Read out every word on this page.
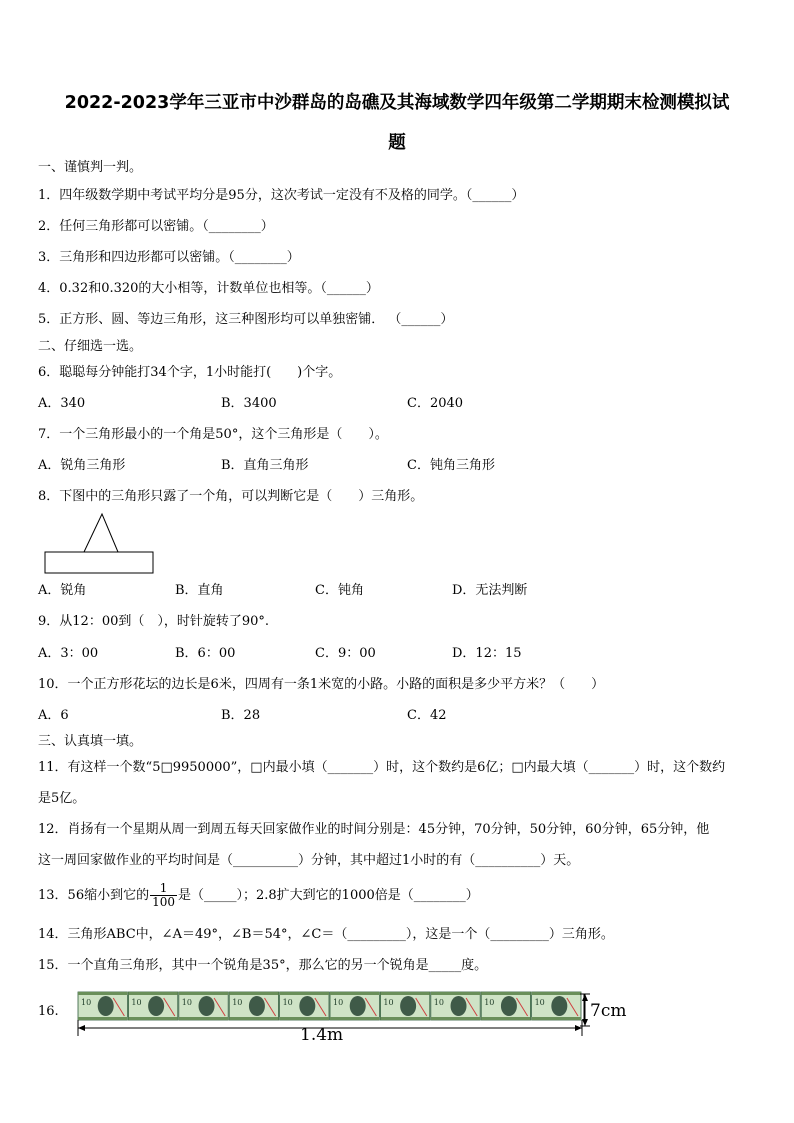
2022-2023学年三亚市中沙群岛的岛礁及其海域数学四年级第二学期期末检测模拟试
题
一、谨慎判一判。
1．四年级数学期中考试平均分是95分，这次考试一定没有不及格的同学。（______）
2．任何三角形都可以密铺。（________）
3．三角形和四边形都可以密铺。（________）
4．0.32和0.320的大小相等，计数单位也相等。（______）
5．正方形、圆、等边三角形，这三种图形均可以单独密铺． （______）
二、仔细选一选。
6．聪聪每分钟能打34个字，1小时能打(　　)个字。
A．340	B．3400	C．2040
7．一个三角形最小的一个角是50°，这个三角形是（　　）。
A．锐角三角形	B．直角三角形	C．钝角三角形
8．下图中的三角形只露了一个角，可以判断它是（　　）三角形。
A．锐角	B．直角	C．钝角	D．无法判断
9．从12：00到（　），时针旋转了90°.
A．3：00	B．6：00	C．9：00	D．12：15
10．一个正方形花坛的边长是6米，四周有一条1米宽的小路。小路的面积是多少平方米？（　　）
A．6	B．28	C．42
三、认真填一填。
11．有这样一个数“5□9950000”，□内最小填（_______）时，这个数约是6亿；□内最大填（_______）时，这个数约
是5亿。
12．肖扬有一个星期从周一到周五每天回家做作业的时间分别是：45分钟，70分钟，50分钟，60分钟，65分钟，他
这一周回家做作业的平均时间是（__________）分钟，其中超过1小时的有（__________）天。
13．56缩小到它的 $\frac{1}{100}$ 是（_____）；2.8扩大到它的1000倍是（________）
14．三角形ABC中，∠A＝49°，∠B＝54°，∠C＝（_________），这是一个（_________）三角形。
15．一个直角三角形，其中一个锐角是35°，那么它的另一个锐角是_____度。
16.
10	10	10	10	10	10	10	10	10	10
1.4m
7cm
